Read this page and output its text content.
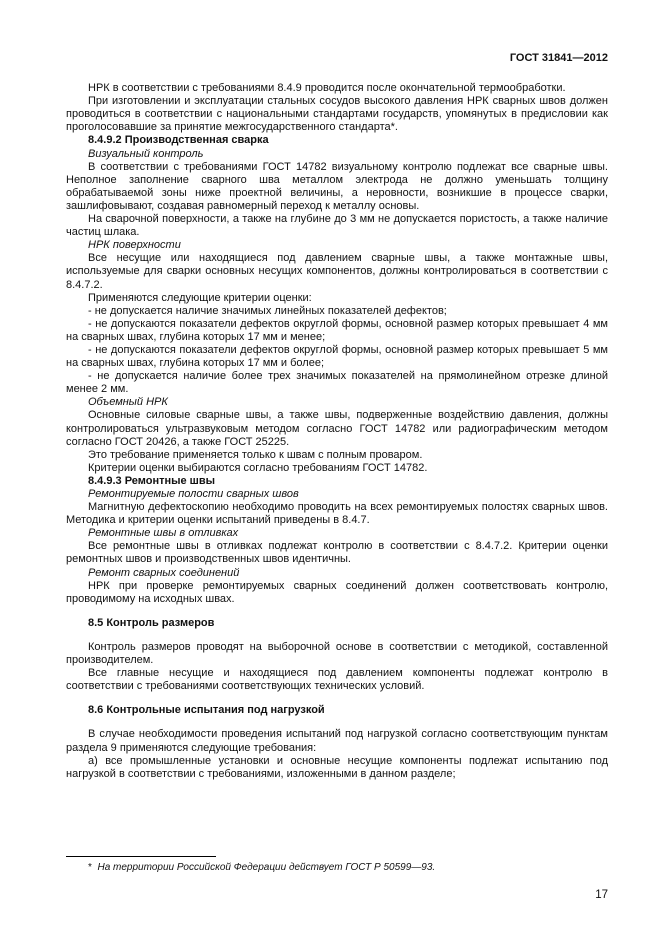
ГОСТ 31841—2012
НРК в соответствии с требованиями 8.4.9 проводится после окончательной термообработки.
При изготовлении и эксплуатации стальных сосудов высокого давления НРК сварных швов должен проводиться в соответствии с национальными стандартами государств, упомянутых в предисловии как проголосовавшие за принятие межгосударственного стандарта*.
8.4.9.2 Производственная сварка
Визуальный контроль
В соответствии с требованиями ГОСТ 14782 визуальному контролю подлежат все сварные швы. Неполное заполнение сварного шва металлом электрода не должно уменьшать толщину обрабатываемой зоны ниже проектной величины, а неровности, возникшие в процессе сварки, зашлифовывают, создавая равномерный переход к металлу основы.
На сварочной поверхности, а также на глубине до 3 мм не допускается пористость, а также наличие частиц шлака.
НРК поверхности
Все несущие или находящиеся под давлением сварные швы, а также монтажные швы, используемые для сварки основных несущих компонентов, должны контролироваться в соответствии с 8.4.7.2.
Применяются следующие критерии оценки:
- не допускается наличие значимых линейных показателей дефектов;
- не допускаются показатели дефектов округлой формы, основной размер которых превышает 4 мм на сварных швах, глубина которых 17 мм и менее;
- не допускаются показатели дефектов округлой формы, основной размер которых превышает 5 мм на сварных швах, глубина которых 17 мм и более;
- не допускается наличие более трех значимых показателей на прямолинейном отрезке длиной менее 2 мм.
Объемный НРК
Основные силовые сварные швы, а также швы, подверженные воздействию давления, должны контролироваться ультразвуковым методом согласно ГОСТ 14782 или радиографическим методом согласно ГОСТ 20426, а также ГОСТ 25225.
Это требование применяется только к швам с полным проваром.
Критерии оценки выбираются согласно требованиям ГОСТ 14782.
8.4.9.3 Ремонтные швы
Ремонтируемые полости сварных швов
Магнитную дефектоскопию необходимо проводить на всех ремонтируемых полостях сварных швов. Методика и критерии оценки испытаний приведены в 8.4.7.
Ремонтные швы в отливках
Все ремонтные швы в отливках подлежат контролю в соответствии с 8.4.7.2. Критерии оценки ремонтных швов и производственных швов идентичны.
Ремонт сварных соединений
НРК при проверке ремонтируемых сварных соединений должен соответствовать контролю, проводимому на исходных швах.
8.5 Контроль размеров
Контроль размеров проводят на выборочной основе в соответствии с методикой, составленной производителем.
Все главные несущие и находящиеся под давлением компоненты подлежат контролю в соответствии с требованиями соответствующих технических условий.
8.6 Контрольные испытания под нагрузкой
В случае необходимости проведения испытаний под нагрузкой согласно соответствующим пунктам раздела 9 применяются следующие требования:
а) все промышленные установки и основные несущие компоненты подлежат испытанию под нагрузкой в соответствии с требованиями, изложенными в данном разделе;
* На территории Российской Федерации действует ГОСТ Р 50599—93.
17
